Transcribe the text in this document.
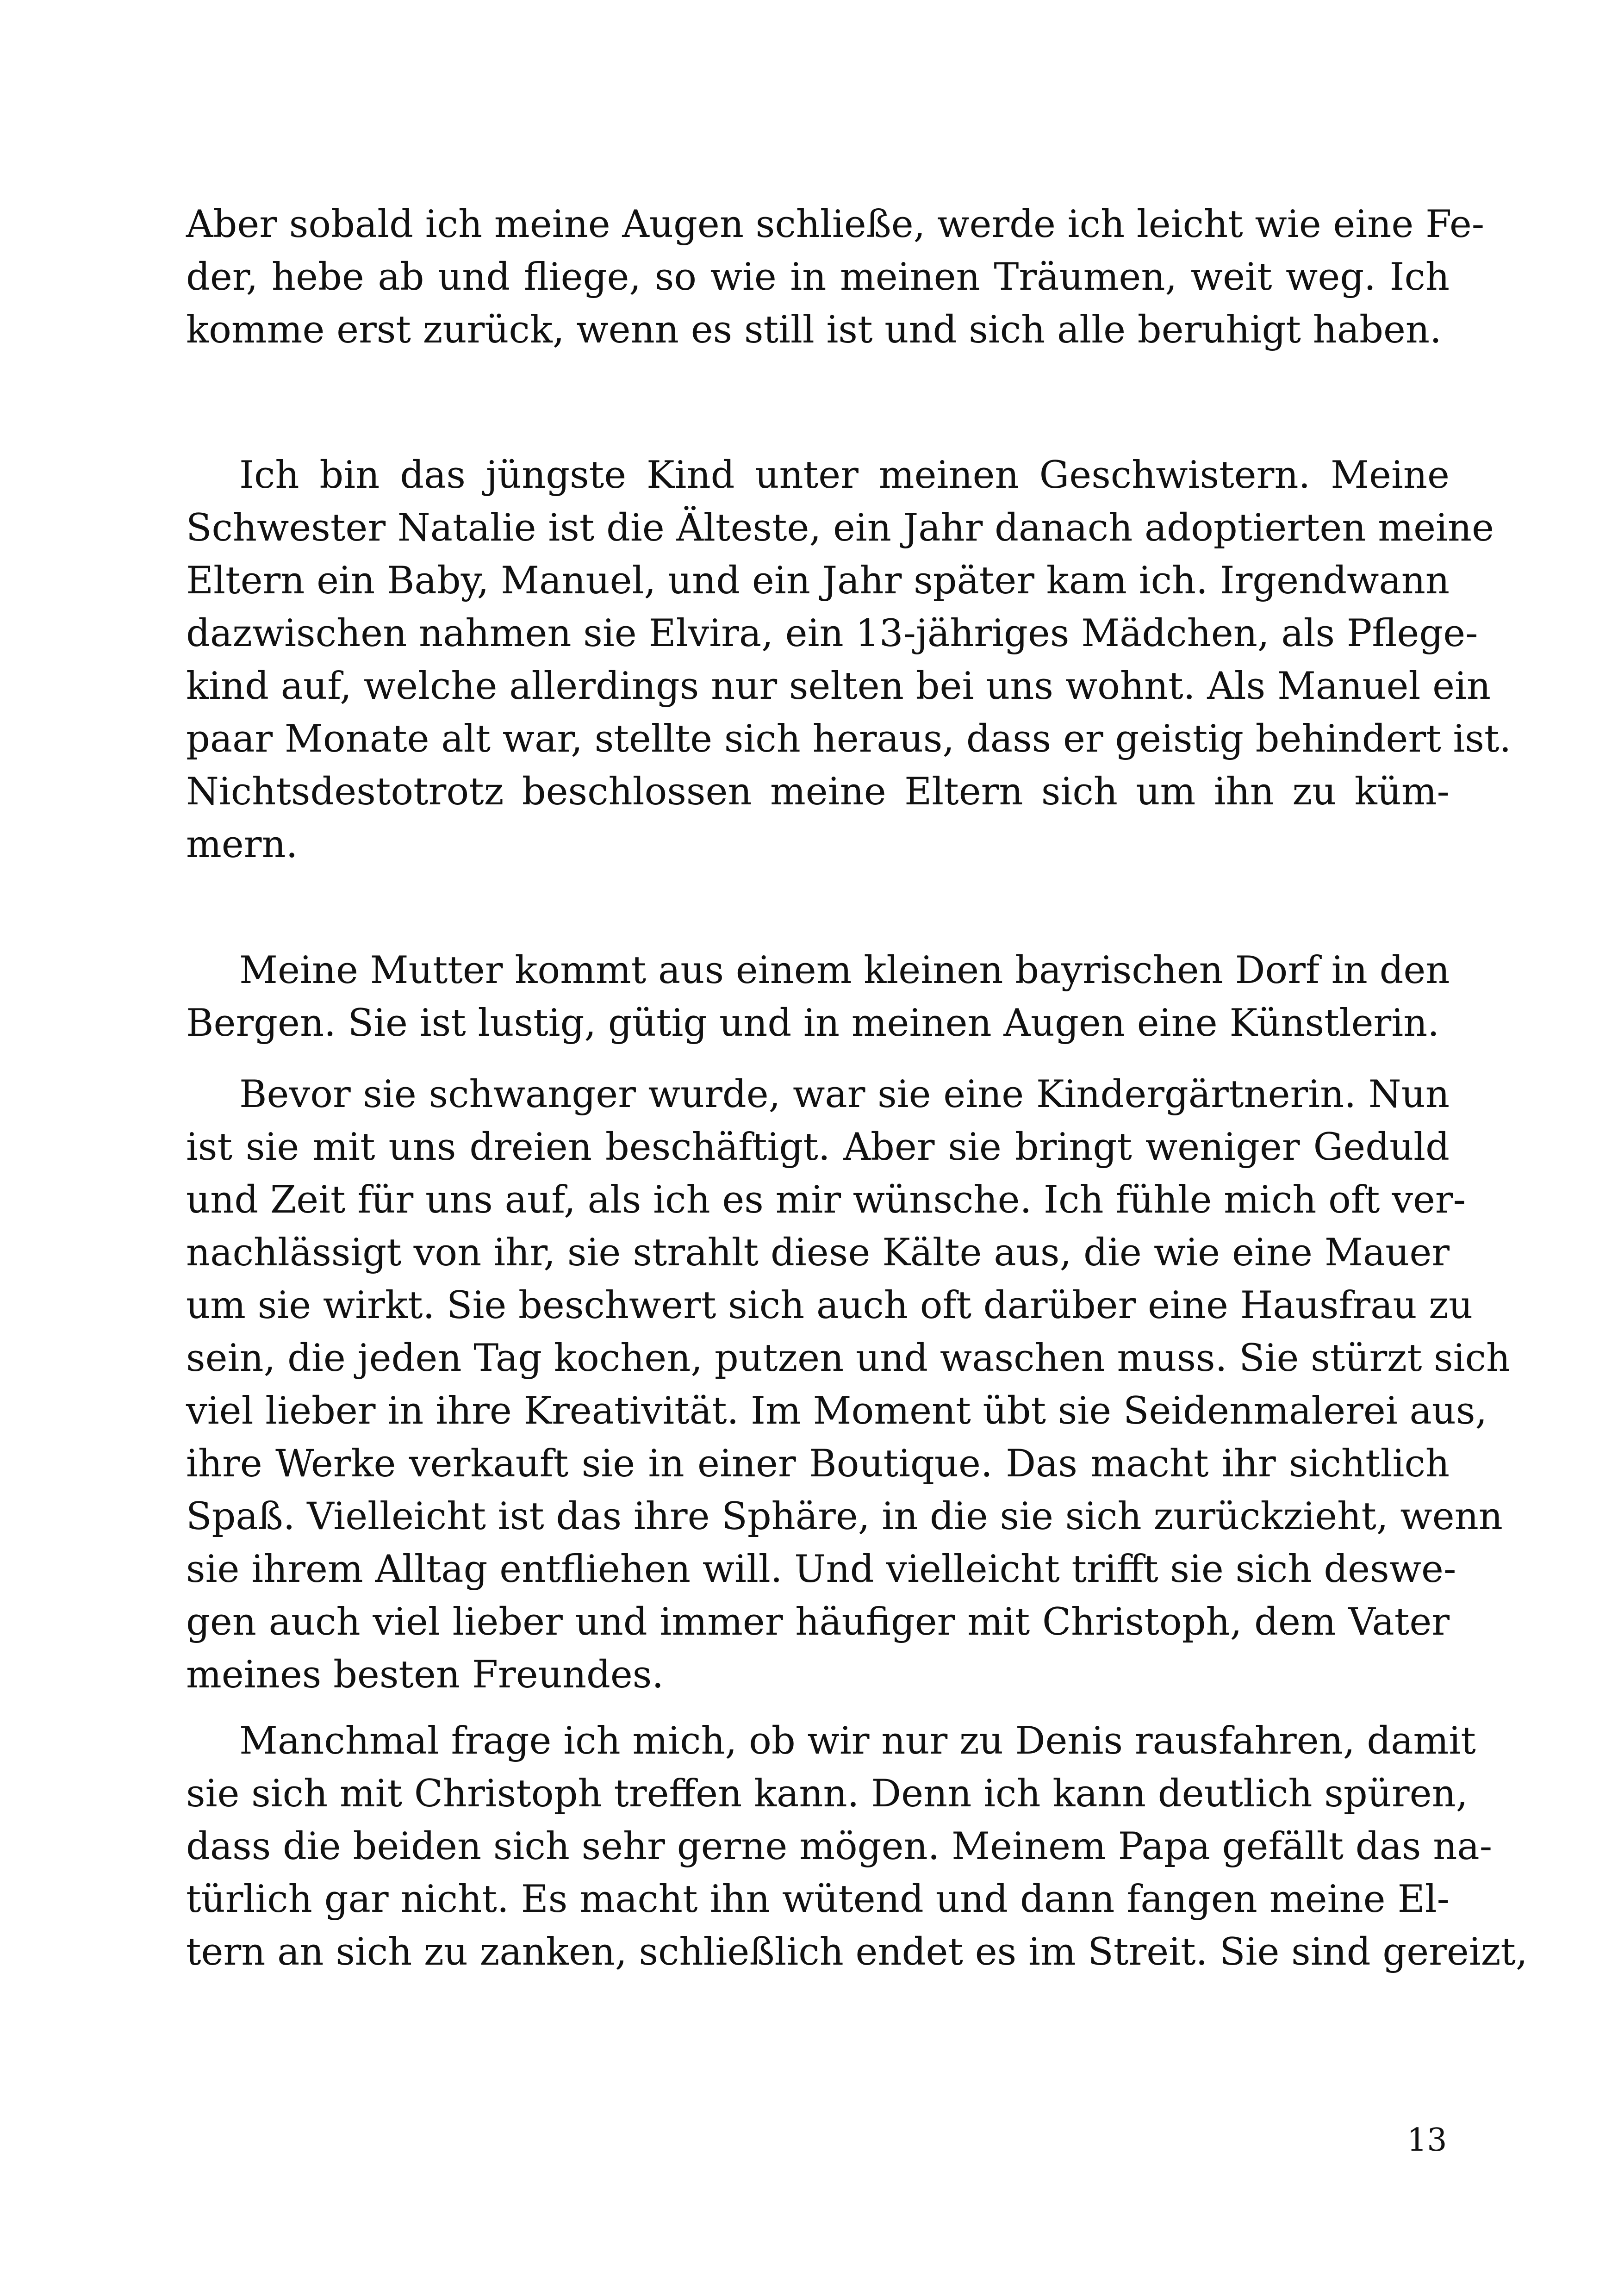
Aber sobald ich meine Augen schließe, werde ich leicht wie eine Fe-
der, hebe ab und fliege, so wie in meinen Träumen, weit weg. Ich
komme erst zurück, wenn es still ist und sich alle beruhigt haben.
Ich bin das jüngste Kind unter meinen Geschwistern. Meine
Schwester Natalie ist die Älteste, ein Jahr danach adoptierten meine
Eltern ein Baby, Manuel, und ein Jahr später kam ich. Irgendwann
dazwischen nahmen sie Elvira, ein 13-jähriges Mädchen, als Pflege-
kind auf, welche allerdings nur selten bei uns wohnt. Als Manuel ein
paar Monate alt war, stellte sich heraus, dass er geistig behindert ist.
Nichtsdestotrotz beschlossen meine Eltern sich um ihn zu küm-
mern.
Meine Mutter kommt aus einem kleinen bayrischen Dorf in den
Bergen. Sie ist lustig, gütig und in meinen Augen eine Künstlerin.
Bevor sie schwanger wurde, war sie eine Kindergärtnerin. Nun
ist sie mit uns dreien beschäftigt. Aber sie bringt weniger Geduld
und Zeit für uns auf, als ich es mir wünsche. Ich fühle mich oft ver-
nachlässigt von ihr, sie strahlt diese Kälte aus, die wie eine Mauer
um sie wirkt. Sie beschwert sich auch oft darüber eine Hausfrau zu
sein, die jeden Tag kochen, putzen und waschen muss. Sie stürzt sich
viel lieber in ihre Kreativität. Im Moment übt sie Seidenmalerei aus,
ihre Werke verkauft sie in einer Boutique. Das macht ihr sichtlich
Spaß. Vielleicht ist das ihre Sphäre, in die sie sich zurückzieht, wenn
sie ihrem Alltag entfliehen will. Und vielleicht trifft sie sich deswe-
gen auch viel lieber und immer häufiger mit Christoph, dem Vater
meines besten Freundes.
Manchmal frage ich mich, ob wir nur zu Denis rausfahren, damit
sie sich mit Christoph treffen kann. Denn ich kann deutlich spüren,
dass die beiden sich sehr gerne mögen. Meinem Papa gefällt das na-
türlich gar nicht. Es macht ihn wütend und dann fangen meine El-
tern an sich zu zanken, schließlich endet es im Streit. Sie sind gereizt,
13
